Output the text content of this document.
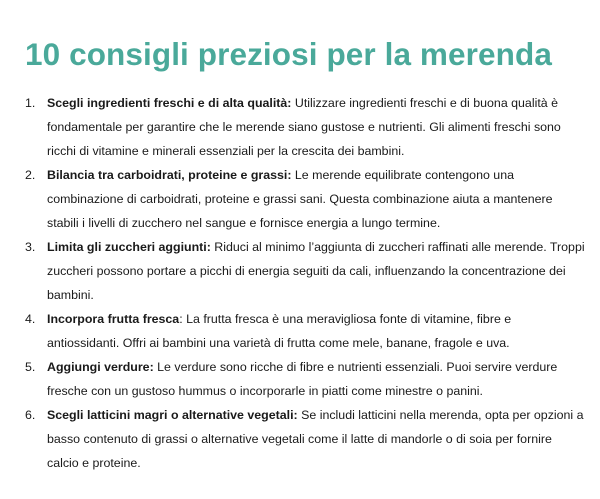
10 consigli preziosi per la merenda
1. Scegli ingredienti freschi e di alta qualità: Utilizzare ingredienti freschi e di buona qualità è fondamentale per garantire che le merende siano gustose e nutrienti. Gli alimenti freschi sono ricchi di vitamine e minerali essenziali per la crescita dei bambini.
2. Bilancia tra carboidrati, proteine e grassi: Le merende equilibrate contengono una combinazione di carboidrati, proteine e grassi sani. Questa combinazione aiuta a mantenere stabili i livelli di zucchero nel sangue e fornisce energia a lungo termine.
3. Limita gli zuccheri aggiunti: Riduci al minimo l’aggiunta di zuccheri raffinati alle merende. Troppi zuccheri possono portare a picchi di energia seguiti da cali, influenzando la concentrazione dei bambini.
4. Incorpora frutta fresca: La frutta fresca è una meravigliosa fonte di vitamine, fibre e antiossidanti. Offri ai bambini una varietà di frutta come mele, banane, fragole e uva.
5. Aggiungi verdure: Le verdure sono ricche di fibre e nutrienti essenziali. Puoi servire verdure fresche con un gustoso hummus o incorporarle in piatti come minestre o panini.
6. Scegli latticini magri o alternative vegetali: Se includi latticini nella merenda, opta per opzioni a basso contenuto di grassi o alternative vegetali come il latte di mandorle o di soia per fornire calcio e proteine.
